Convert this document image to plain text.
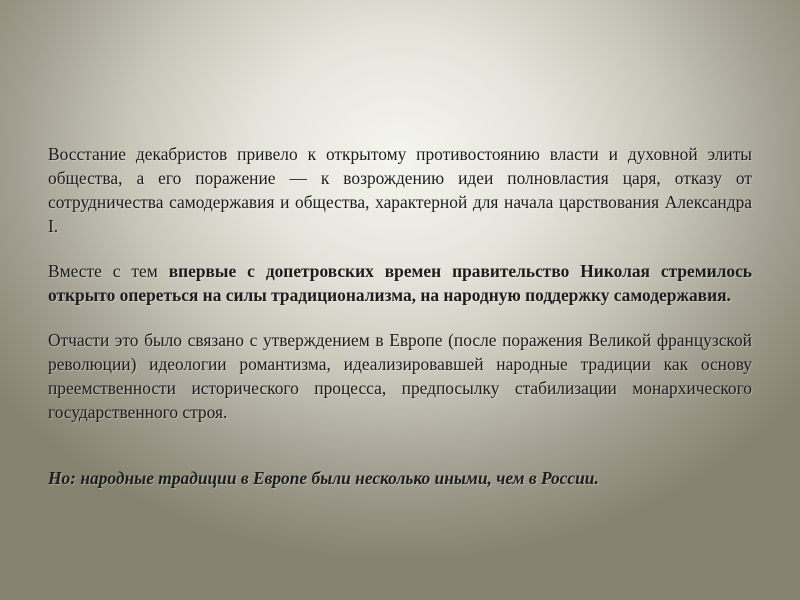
Восстание декабристов привело к открытому противостоянию власти и духовной элиты общества, а его поражение — к возрождению идеи полновластия царя, отказу от сотрудничества самодержавия и общества, характерной для начала царствования Александра I.

Вместе с тем впервые с допетровских времен правительство Николая стремилось открыто опереться на силы традиционализма, на народную поддержку самодержавия.

Отчасти это было связано с утверждением в Европе (после поражения Великой французской революции) идеологии романтизма, идеализировавшей народные традиции как основу преемственности исторического процесса, предпосылку стабилизации монархического государственного строя.

Но: народные традиции в Европе были несколько иными, чем в России.
